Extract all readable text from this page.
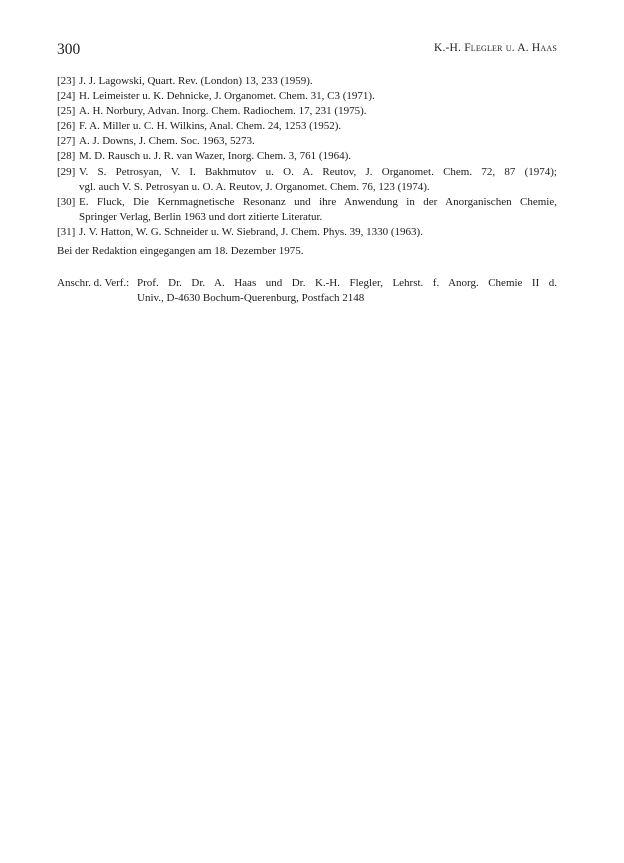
300	K.-H. Flegler u. A. Haas
[23] J. J. Lagowski, Quart. Rev. (London) 13, 233 (1959).
[24] H. Leimeister u. K. Dehnicke, J. Organomet. Chem. 31, C3 (1971).
[25] A. H. Norbury, Advan. Inorg. Chem. Radiochem. 17, 231 (1975).
[26] F. A. Miller u. C. H. Wilkins, Anal. Chem. 24, 1253 (1952).
[27] A. J. Downs, J. Chem. Soc. 1963, 5273.
[28] M. D. Rausch u. J. R. van Wazer, Inorg. Chem. 3, 761 (1964).
[29] V. S. Petrosyan, V. I. Bakhmutov u. O. A. Reutov, J. Organomet. Chem. 72, 87 (1974);
vgl. auch V. S. Petrosyan u. O. A. Reutov, J. Organomet. Chem. 76, 123 (1974).
[30] E. Fluck, Die Kernmagnetische Resonanz und ihre Anwendung in der Anorganischen Chemie,
Springer Verlag, Berlin 1963 und dort zitierte Literatur.
[31] J. V. Hatton, W. G. Schneider u. W. Siebrand, J. Chem. Phys. 39, 1330 (1963).
Bei der Redaktion eingegangen am 18. Dezember 1975.
Anschr. d. Verf.: Prof. Dr. Dr. A. Haas und Dr. K.-H. Flegler, Lehrst. f. Anorg. Chemie II d.
Univ., D-4630 Bochum-Querenburg, Postfach 2148
